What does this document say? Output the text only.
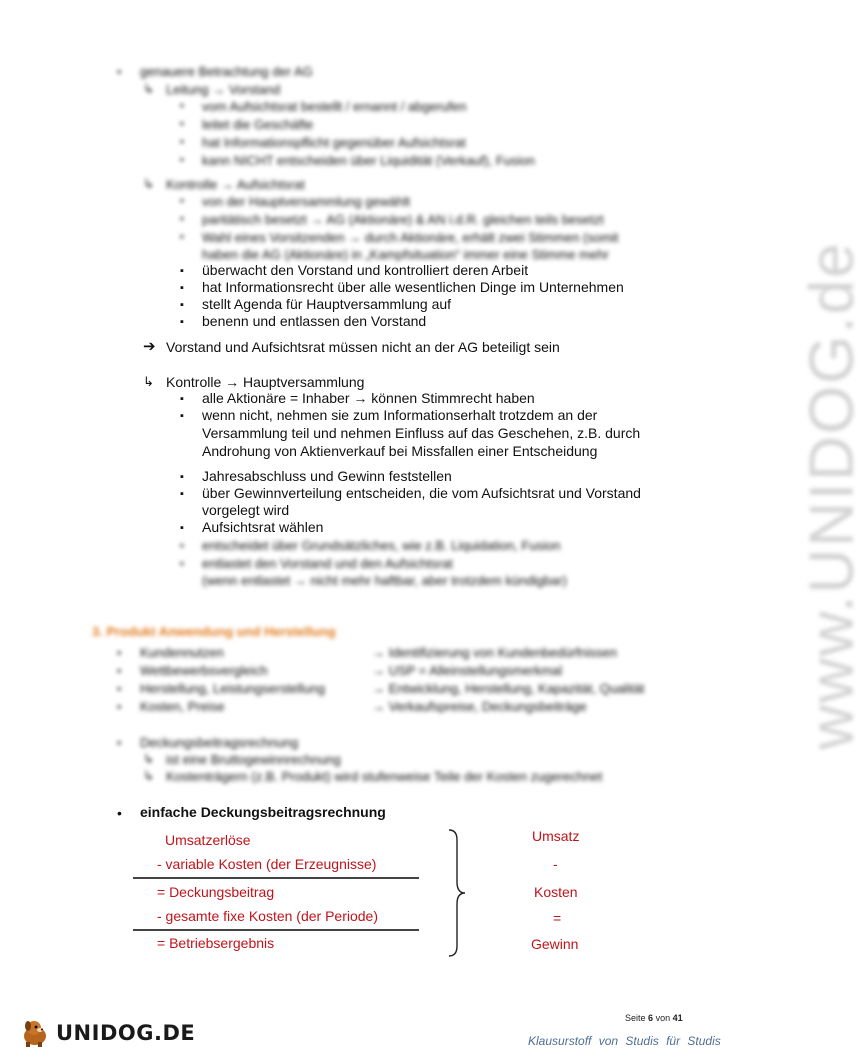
www.UNIDOG.de
• genauere Betrachtung der AG
↳ Leitung → Vorstand
▪ vom Aufsichtsrat bestellt / ernannt / abgerufen
▪ leitet die Geschäfte
▪ hat Informationspflicht gegenüber Aufsichtsrat
▪ kann NICHT entscheiden über Liquidität (Verkauf), Fusion
↳ Kontrolle → Aufsichtsrat
▪ von der Hauptversammlung gewählt
▪ paritätisch besetzt → AG (Aktionäre) & AN i.d.R. gleichen teils besetzt
▪ Wahl eines Vorsitzenden → durch Aktionäre, erhält zwei Stimmen (somit
haben die AG (Aktionäre) in „Kampfsituation“ immer eine Stimme mehr
▪ überwacht den Vorstand und kontrolliert deren Arbeit
▪ hat Informationsrecht über alle wesentlichen Dinge im Unternehmen
▪ stellt Agenda für Hauptversammlung auf
▪ benenn und entlassen den Vorstand
➔ Vorstand und Aufsichtsrat müssen nicht an der AG beteiligt sein
↳ Kontrolle → Hauptversammlung
▪ alle Aktionäre = Inhaber → können Stimmrecht haben
▪ wenn nicht, nehmen sie zum Informationserhalt trotzdem an der
Versammlung teil und nehmen Einfluss auf das Geschehen, z.B. durch
Androhung von Aktienverkauf bei Missfallen einer Entscheidung
▪ Jahresabschluss und Gewinn feststellen
▪ über Gewinnverteilung entscheiden, die vom Aufsichtsrat und Vorstand
vorgelegt wird
▪ Aufsichtsrat wählen
▪ entscheidet über Grundsätzliches, wie z.B. Liquidation, Fusion
▪ entlastet den Vorstand und den Aufsichtsrat
(wenn entlastet → nicht mehr haftbar, aber trotzdem kündigbar)
3. Produkt Anwendung und Herstellung
• Kundennutzen	→ Identifizierung von Kundenbedürfnissen
• Wettbewerbsvergleich	→ USP = Alleinstellungsmerkmal
• Herstellung, Leistungserstellung	→ Entwicklung, Herstellung, Kapazität, Qualität
• Kosten, Preise	→ Verkaufspreise, Deckungsbeiträge
• Deckungsbeitragsrechnung
↳ ist eine Bruttogewinnrechnung
↳ Kostenträgern (z.B. Produkt) wird stufenweise Teile der Kosten zugerechnet
• einfache Deckungsbeitragsrechnung
Umsatzerlöse
- variable Kosten (der Erzeugnisse)
= Deckungsbeitrag
- gesamte fixe Kosten (der Periode)
= Betriebsergebnis
Umsatz
-
Kosten
=
Gewinn
Seite 6 von 41
UNIDOG.DE	Klausurstoff von Studis für Studis
